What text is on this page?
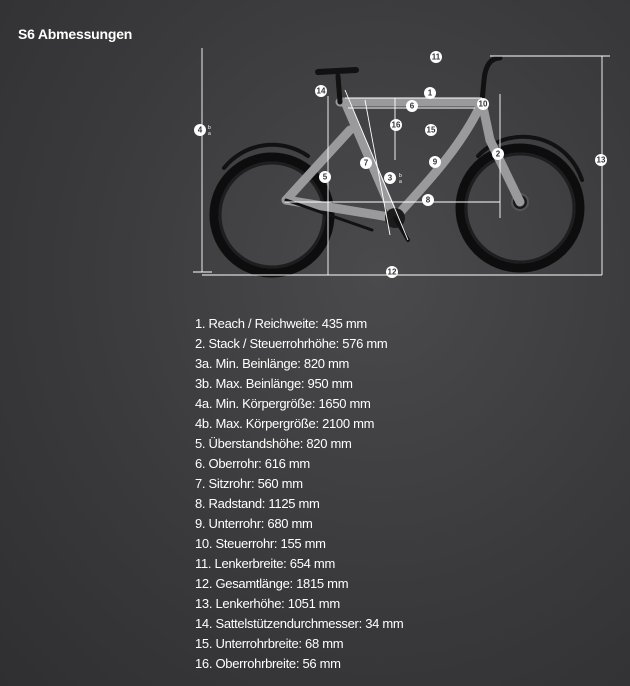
S6 Abmessungen
1
2
3
4
5
6
7
8
9
10
11
12
13
14
15
16
b
a
b
a
1. Reach / Reichweite: 435 mm
2. Stack / Steuerrohrhöhe: 576 mm
3a. Min. Beinlänge: 820 mm
3b. Max. Beinlänge: 950 mm
4a. Min. Körpergröße: 1650 mm
4b. Max. Körpergröße: 2100 mm
5. Überstandshöhe: 820 mm
6. Oberrohr: 616 mm
7. Sitzrohr: 560 mm
8. Radstand: 1125 mm
9. Unterrohr: 680 mm
10. Steuerrohr: 155 mm
11. Lenkerbreite: 654 mm
12. Gesamtlänge: 1815 mm
13. Lenkerhöhe: 1051 mm
14. Sattelstützendurchmesser: 34 mm
15. Unterrohrbreite: 68 mm
16. Oberrohrbreite: 56 mm
